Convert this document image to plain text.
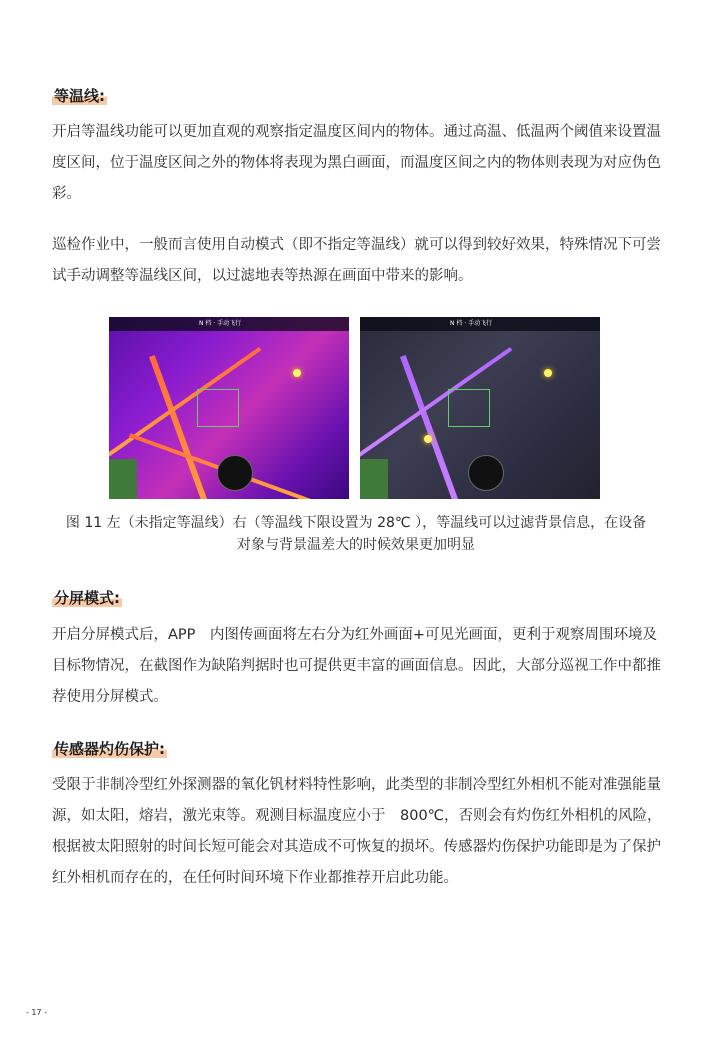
等温线:

开启等温线功能可以更加直观的观察指定温度区间内的物体。通过高温、低温两个阈值来设置温度区间，位于温度区间之外的物体将表现为黑白画面，而温度区间之内的物体则表现为对应伪色彩。

巡检作业中，一般而言使用自动模式（即不指定等温线）就可以得到较好效果，特殊情况下可尝试手动调整等温线区间，以过滤地表等热源在画面中带来的影响。

N 档 · 手动飞行	N 档 · 手动飞行
图 11 左（未指定等温线）右（等温线下限设置为 28℃ ），等温线可以过滤背景信息，在设备
对象与背景温差大的时候效果更加明显
分屏模式:

开启分屏模式后，APP　内图传画面将左右分为红外画面+可见光画面，更利于观察周围环境及目标物情况，在截图作为缺陷判据时也可提供更丰富的画面信息。因此，大部分巡视工作中都推荐使用分屏模式。

传感器灼伤保护:

受限于非制冷型红外探测器的氧化钒材料特性影响，此类型的非制冷型红外相机不能对准强能量源，如太阳，熔岩，激光束等。观测目标温度应小于　800℃，否则会有灼伤红外相机的风险，根据被太阳照射的时间长短可能会对其造成不可恢复的损坏。传感器灼伤保护功能即是为了保护红外相机而存在的，在任何时间环境下作业都推荐开启此功能。

- 17 -
